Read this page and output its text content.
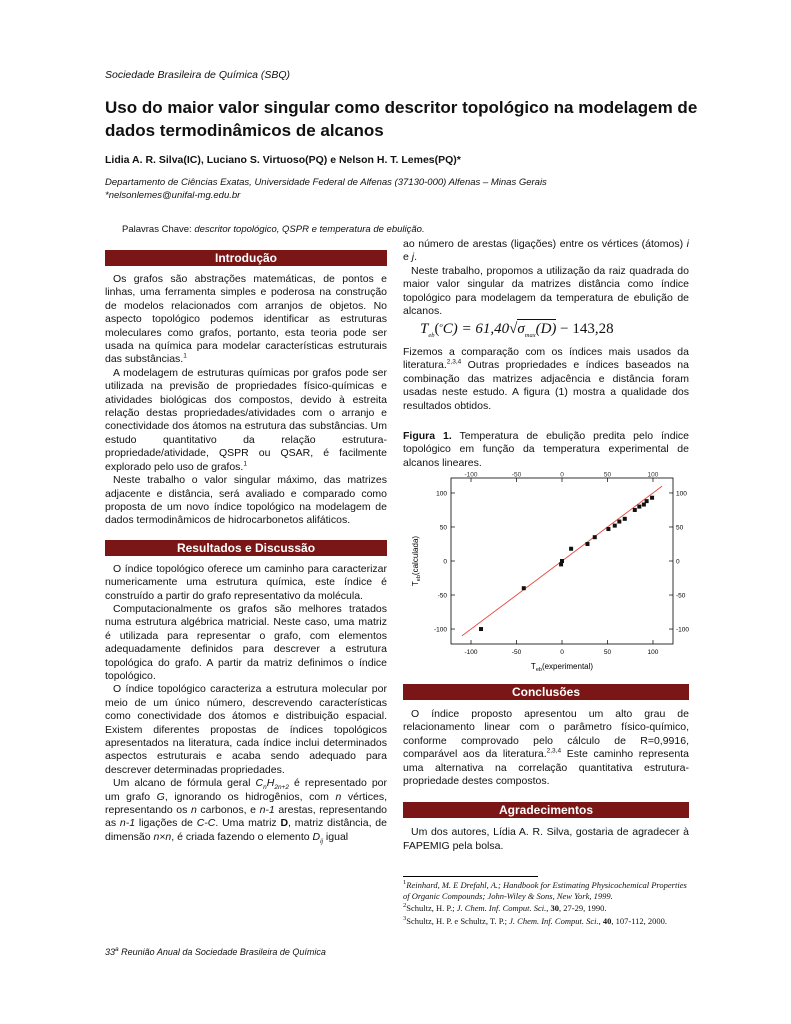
Sociedade Brasileira de Química (SBQ)
Uso do maior valor singular como descritor topológico na modelagem de dados termodinâmicos de alcanos
Lidia A. R. Silva(IC), Luciano S. Virtuoso(PQ) e Nelson H. T. Lemes(PQ)*
Departamento de Ciências Exatas, Universidade Federal de Alfenas (37130-000) Alfenas – Minas Gerais
*nelsonlemes@unifal-mg.edu.br
Palavras Chave: descritor topológico, QSPR e temperatura de ebulição.
Introdução

Os grafos são abstrações matemáticas, de pontos e linhas, uma ferramenta simples e poderosa na construção de modelos relacionados com arranjos de objetos. No aspecto topológico podemos identificar as estruturas moleculares como grafos, portanto, esta teoria pode ser usada na química para modelar características estruturais das substâncias.$^1$

A modelagem de estruturas químicas por grafos pode ser utilizada na previsão de propriedades físico-químicas e atividades biológicas dos compostos, devido à estreita relação destas propriedades/atividades com o arranjo e conectividade dos átomos na estrutura das substâncias. Um estudo quantitativo da relação estrutura-propriedade/atividade, QSPR ou QSAR, é facilmente explorado pelo uso de grafos.$^1$

Neste trabalho o valor singular máximo, das matrizes adjacente e distância, será avaliado e comparado como proposta de um novo índice topológico na modelagem de dados termodinâmicos de hidrocarbonetos alifáticos.

Resultados e Discussão

O índice topológico oferece um caminho para caracterizar numericamente uma estrutura química, este índice é construído a partir do grafo representativo da molécula.

Computacionalmente os grafos são melhores tratados numa estrutura algébrica matricial. Neste caso, uma matriz é utilizada para representar o grafo, com elementos adequadamente definidos para descrever a estrutura topológica do grafo. A partir da matriz definimos o índice topológico.

O índice topológico caracteriza a estrutura molecular por meio de um único número, descrevendo características como conectividade dos átomos e distribuição espacial. Existem diferentes propostas de índices topológicos apresentados na literatura, cada índice inclui determinados aspectos estruturais e acaba sendo adequado para descrever determinadas propriedades.

Um alcano de fórmula geral $C_nH_{2n+2}$ é representado por um grafo G, ignorando os hidrogênios, com n vértices, representando os n carbonos, e n-1 arestas, representando as n-1 ligações de C-C. Uma matriz D, matriz distância, de dimensão n×n, é criada fazendo o elemento $D_{ij}$ igual

ao número de arestas (ligações) entre os vértices (átomos) i e j.

Neste trabalho, propomos a utilização da raiz quadrada do maior valor singular da matrizes distância como índice topológico para modelagem da temperatura de ebulição de alcanos.

$T_{eb}(^oC) = 61,40√\sigma_{max}(D) - 143,28$

Fizemos a comparação com os índices mais usados da literatura.$^{2,3,4}$ Outras propriedades e índices baseados na combinação das matrizes adjacência e distância foram usadas neste estudo. A figura (1) mostra a qualidade dos resultados obtidos.

Figura 1. Temperatura de ebulição predita pelo índice topológico em função da temperatura experimental de alcanos lineares.
-100
-100
-50
-50
0
0
50
50
100
100
-100	-100
-50	-50
0	0
50	50
100	100
$T_{eb}(calculada)$
$T_{eb}(experimental)$
Conclusões

O índice proposto apresentou um alto grau de relacionamento linear com o parâmetro físico-químico, conforme comprovado pelo cálculo de R=0,9916, comparável aos da literatura.$^{2,3,4}$ Este caminho representa uma alternativa na correlação quantitativa estrutura-propriedade destes compostos.

Agradecimentos

Um dos autores, Lídia A. R. Silva, gostaria de agradecer à FAPEMIG pela bolsa.

$^1$Reinhard, M. E Drefahl, A.; Handbook for Estimating Physicochemical Properties of Organic Compounds; John-Wiley & Sons, New York, 1999.
$^2$Schultz, H. P.; J. Chem. Inf. Comput. Sci., 30, 27-29, 1990.
$^3$Schultz, H. P. e Schultz, T. P.; J. Chem. Inf. Comput. Sci., 40, 107-112, 2000.
33$^a$ Reunião Anual da Sociedade Brasileira de Química
